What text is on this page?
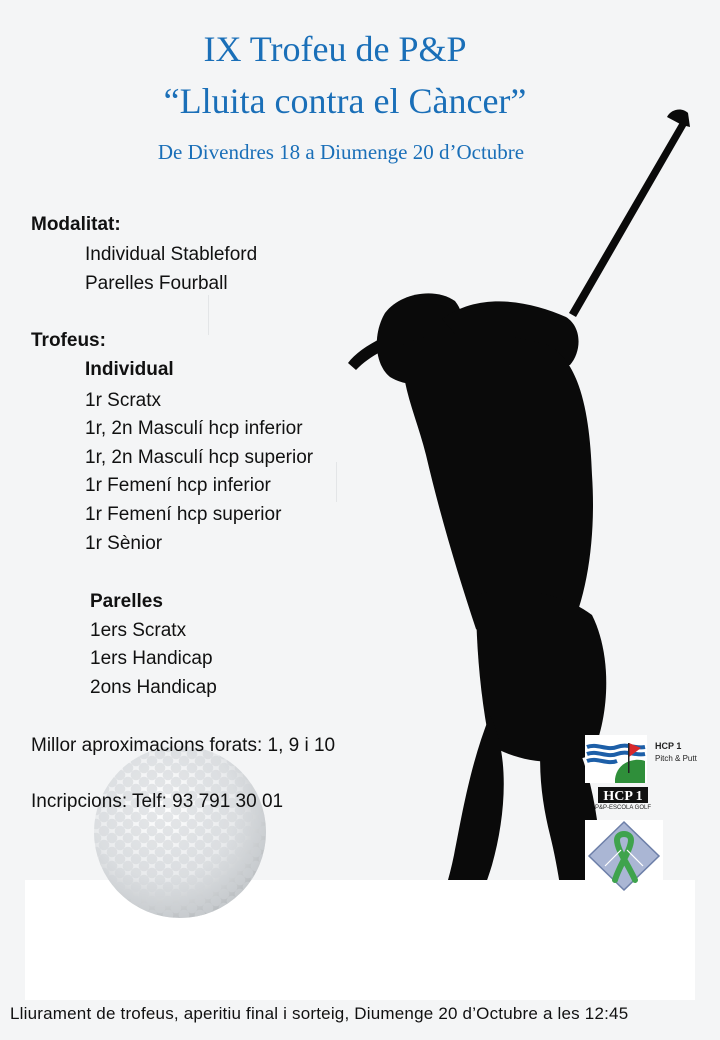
IX Trofeu de P&P
“Lluita contra el Càncer”
De Divendres 18 a Diumenge 20 d’Octubre
Modalitat:
Individual Stableford
Parelles Fourball
Trofeus:
Individual
1r Scratx
1r, 2n Masculí hcp inferior
1r, 2n Masculí hcp superior
1r Femení hcp inferior
1r Femení hcp superior
1r Sènior
Parelles
1ers Scratx
1ers Handicap
2ons Handicap
Millor aproximacions forats: 1, 9 i 10
Incripcions: Telf: 93 791 30 01	HCP 1
P&P-ESCOLA GOLF
HCP 1
Pitch & Putt
Lliurament de trofeus, aperitiu final i sorteig, Diumenge 20 d’Octubre a les 12:45
